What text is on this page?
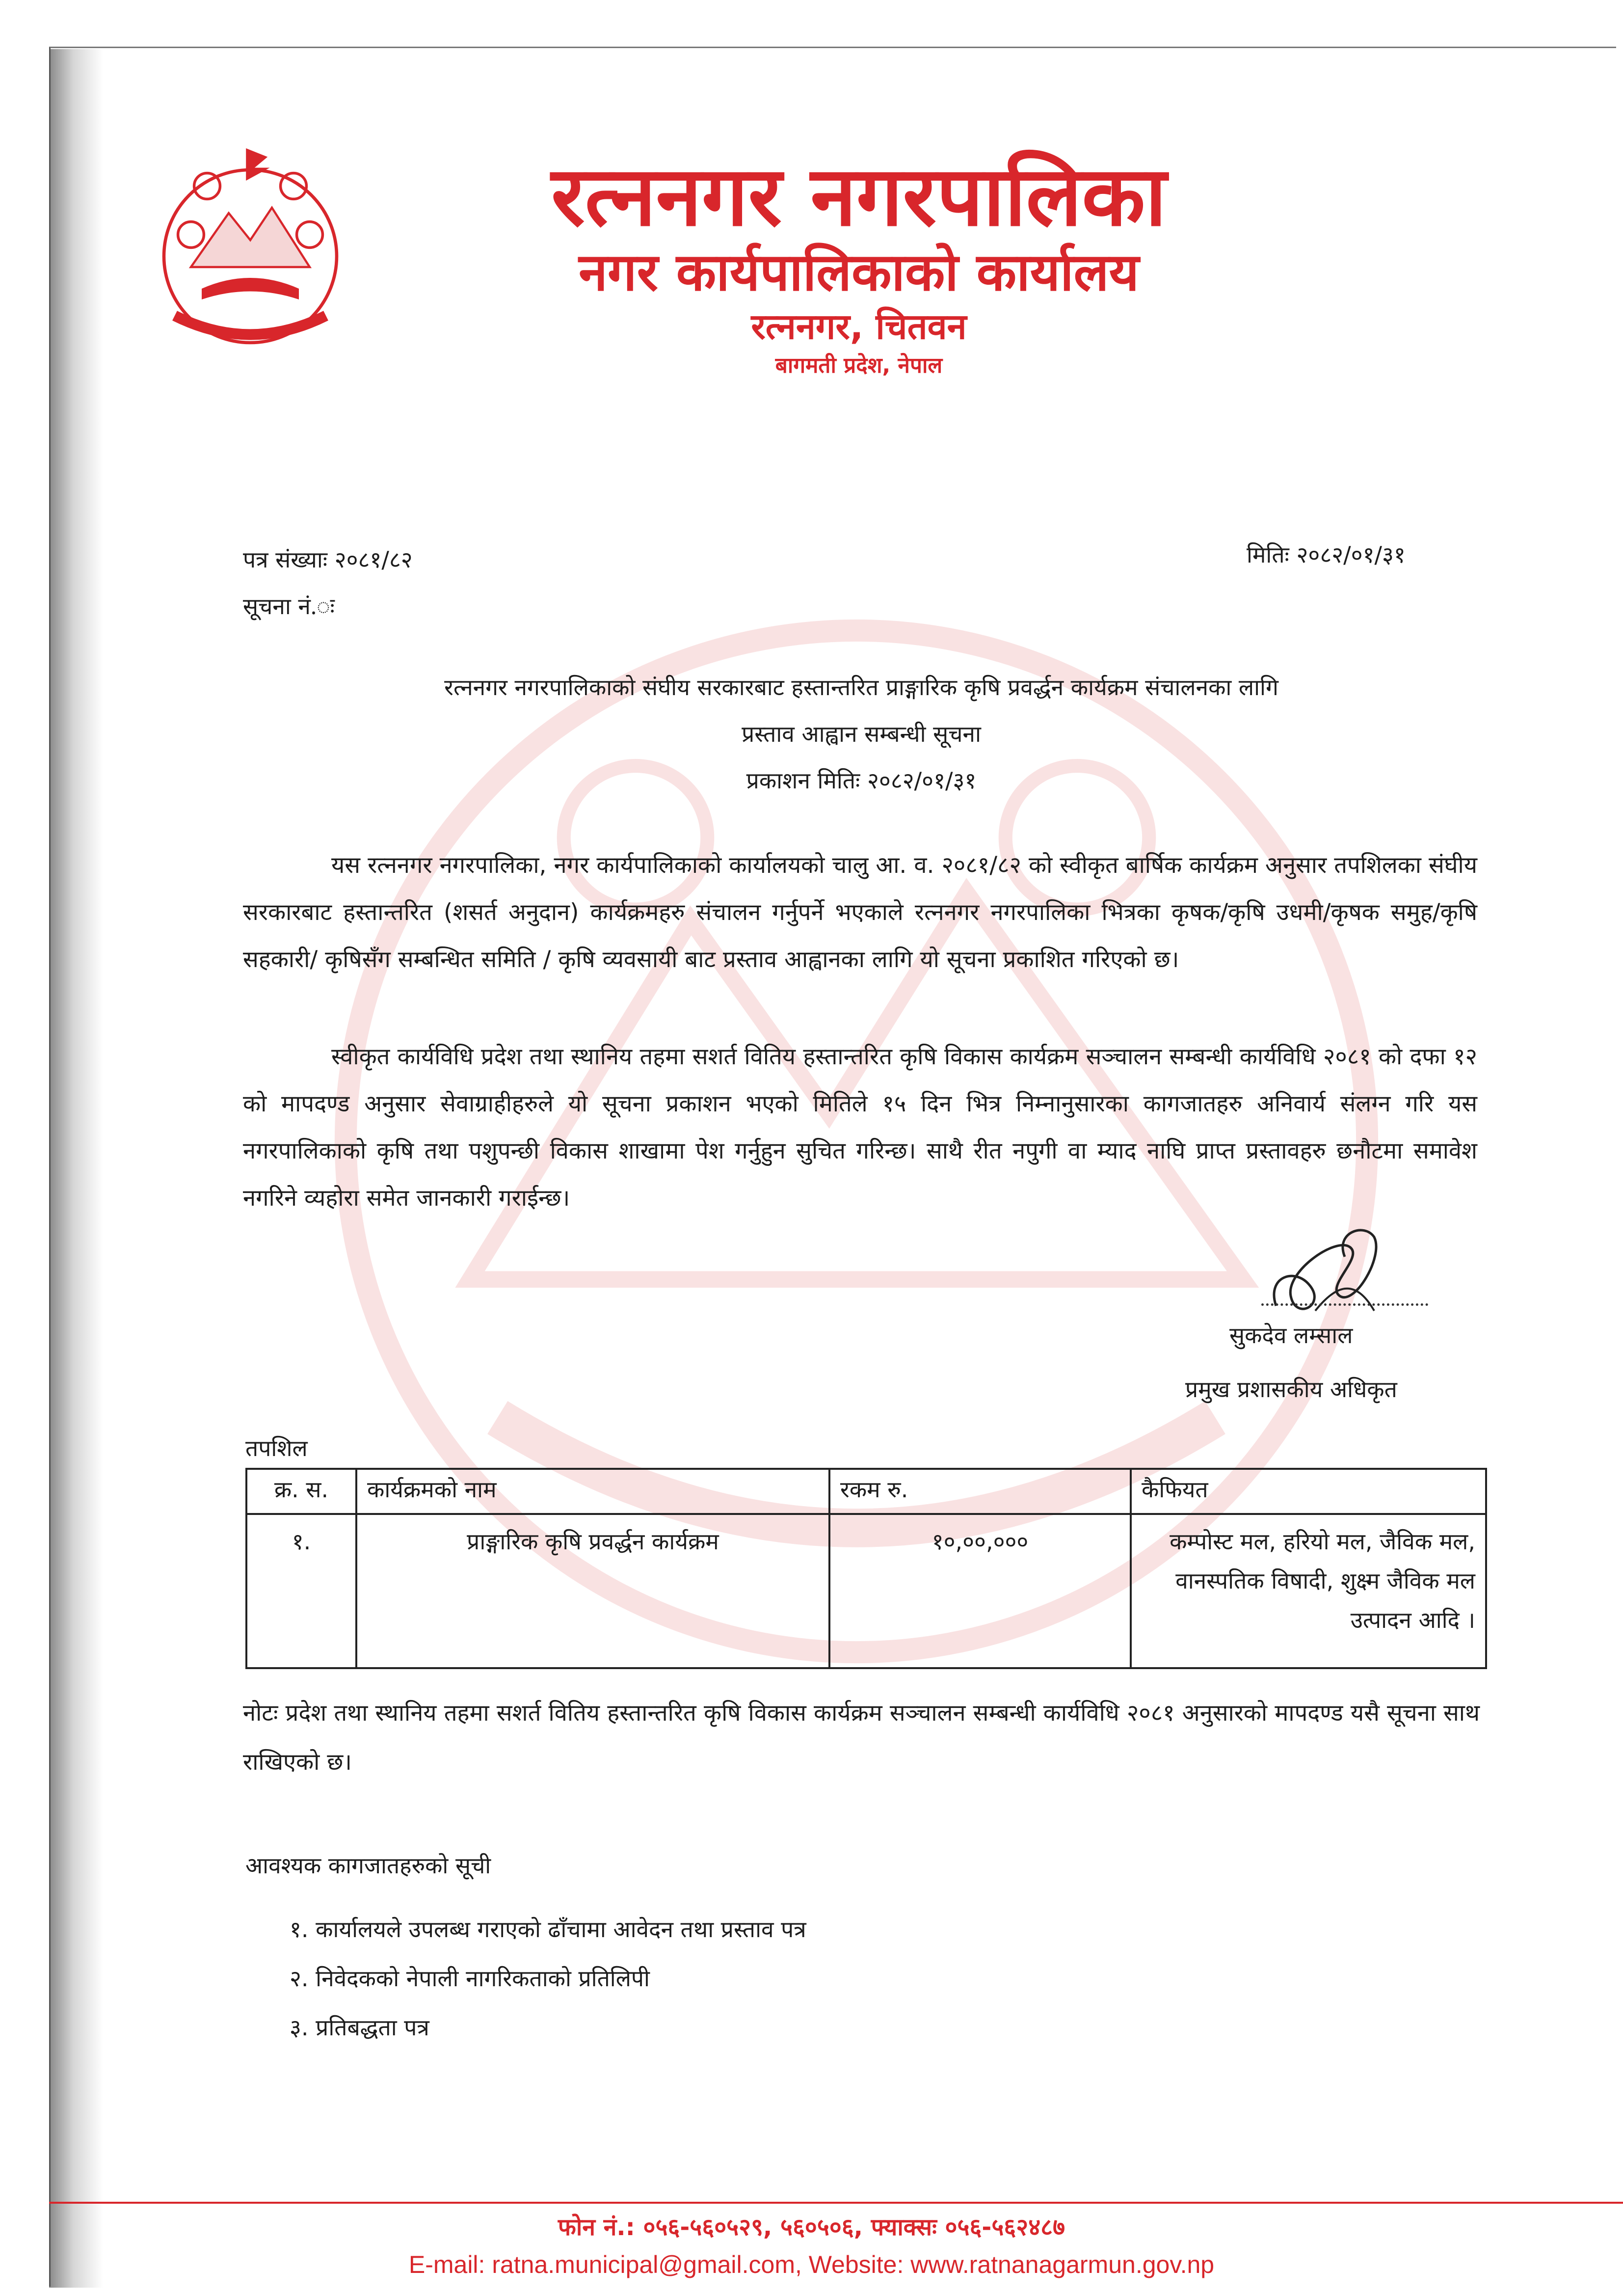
रत्ननगर नगरपालिका
नगर कार्यपालिकाको कार्यालय
रत्ननगर, चितवन
बागमती प्रदेश, नेपाल
पत्र संख्याः २०८१/८२	मितिः २०८२/०१/३१
सूचना नं.ः
रत्ननगर नगरपालिकाको संघीय सरकारबाट हस्तान्तरित प्राङ्गारिक कृषि प्रवर्द्धन कार्यक्रम संचालनका लागि
प्रस्ताव आह्वान सम्बन्धी सूचना
प्रकाशन मितिः २०८२/०१/३१

यस रत्ननगर नगरपालिका, नगर कार्यपालिकाको कार्यालयको चालु आ. व. २०८१/८२ को स्वीकृत बार्षिक कार्यक्रम अनुसार तपशिलका संघीय सरकारबाट हस्तान्तरित (शसर्त अनुदान) कार्यक्रमहरु संचालन गर्नुपर्ने भएकाले रत्ननगर नगरपालिका भित्रका कृषक/कृषि उधमी/कृषक समुह/कृषि सहकारी/ कृषिसँग सम्बन्धित समिति / कृषि व्यवसायी बाट प्रस्ताव आह्वानका लागि यो सूचना प्रकाशित गरिएको छ।

स्वीकृत कार्यविधि प्रदेश तथा स्थानिय तहमा सशर्त वितिय हस्तान्तरित कृषि विकास कार्यक्रम सञ्चालन सम्बन्धी कार्यविधि २०८१ को दफा १२ को मापदण्ड अनुसार सेवाग्राहीहरुले यो सूचना प्रकाशन भएको मितिले १५ दिन भित्र निम्नानुसारका कागजातहरु अनिवार्य संलग्न गरि यस नगरपालिकाको कृषि तथा पशुपन्छी विकास शाखामा पेश गर्नुहुन सुचित गरिन्छ। साथै रीत नपुगी वा म्याद नाघि प्राप्त प्रस्तावहरु छनौटमा समावेश नगरिने व्यहोरा समेत जानकारी गराईन्छ।

सुकदेव लम्साल
प्रमुख प्रशासकीय अधिकृत
तपशिल
क्र. स.	कार्यक्रमको नाम	रकम रु.	कैफियत
१.	प्राङ्गारिक कृषि प्रवर्द्धन कार्यक्रम	१०,००,०००	कम्पोस्ट मल, हरियो मल, जैविक मल, वानस्पतिक विषादी, शुक्ष्म जैविक मल उत्पादन आदि ।

नोटः प्रदेश तथा स्थानिय तहमा सशर्त वितिय हस्तान्तरित कृषि विकास कार्यक्रम सञ्चालन सम्बन्धी कार्यविधि २०८१ अनुसारको मापदण्ड यसै सूचना साथ राखिएको छ।

आवश्यक कागजातहरुको सूची
१. कार्यालयले उपलब्ध गराएको ढाँचामा आवेदन तथा प्रस्ताव पत्र
२. निवेदकको नेपाली नागरिकताको प्रतिलिपी
३. प्रतिबद्धता पत्र
फोन नं.: ०५६-५६०५२९, ५६०५०६, फ्याक्सः ०५६-५६२४८७
E-mail: ratna.municipal@gmail.com, Website: www.ratnanagarmun.gov.np
